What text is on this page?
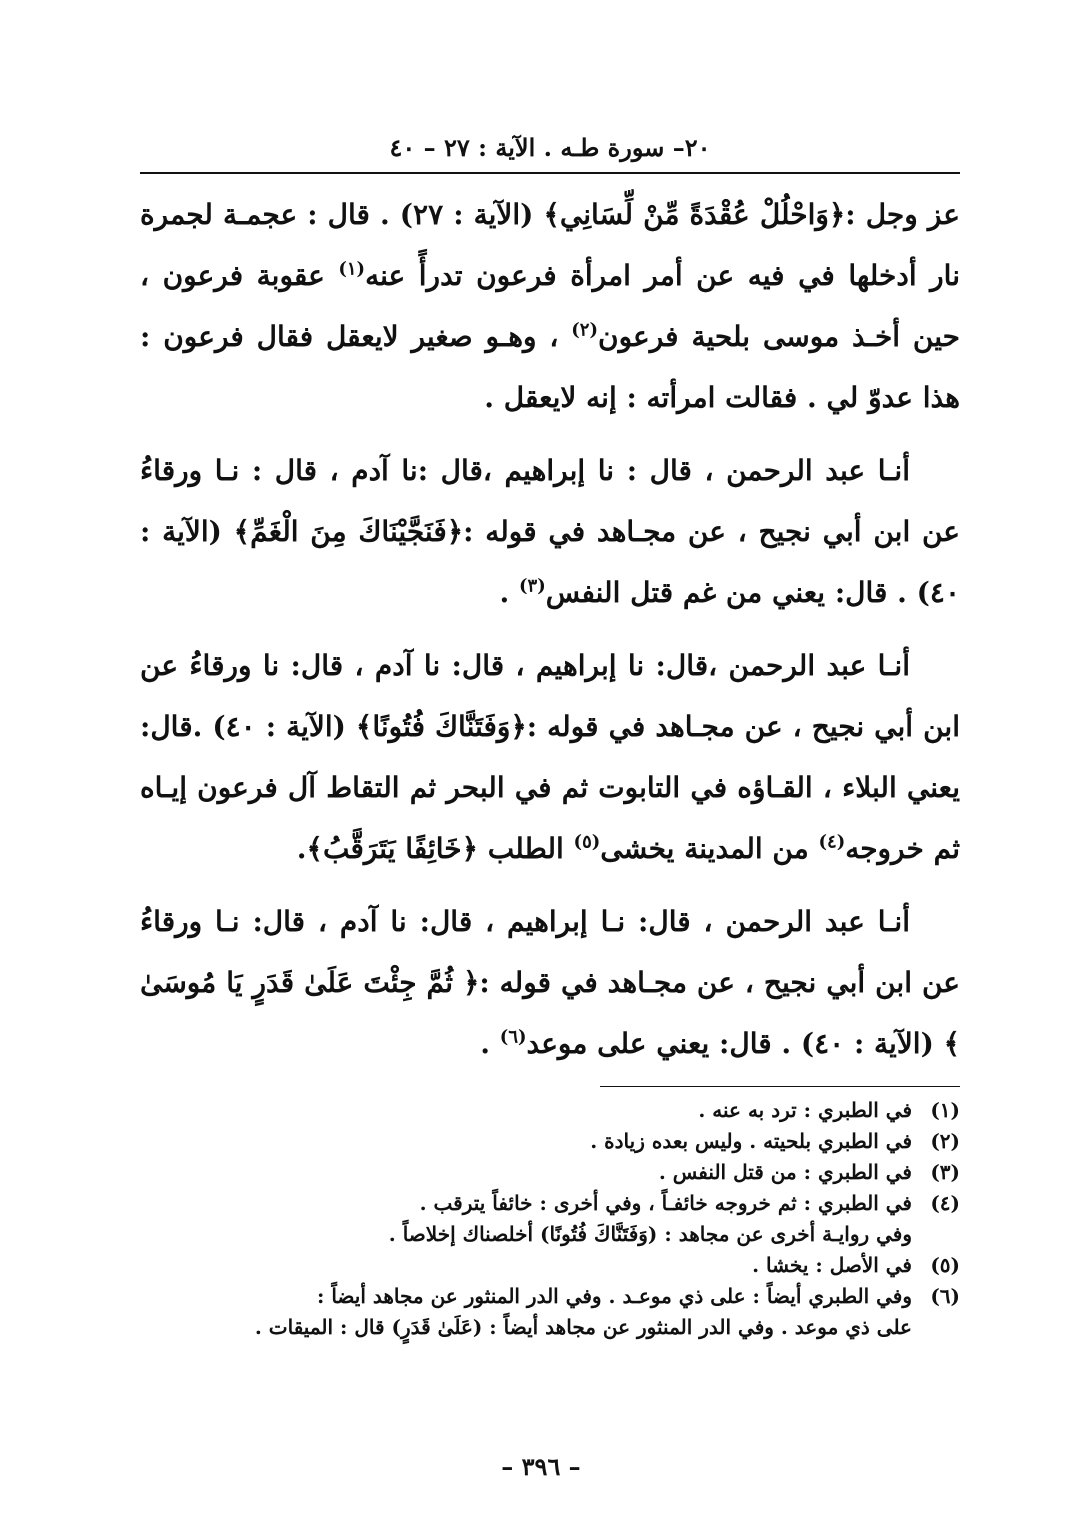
٢٠– سورة طـه . الآية : ٢٧ – ٤٠

عز وجل :﴿وَاحْلُلْ عُقْدَةً مِّنْ لِّسَانِي﴾ (الآية : ٢٧) . قال : عجمـة لجمرة نار أدخلها في فيه عن أمر امرأة فرعون تدرأً عنه$^{(١)}$ عقوبة فرعون ، حين أخـذ موسى بلحية فرعون$^{(٢)}$ ، وهـو صغير لايعقل فقال فرعون : هذا عدوّ لي . فقالت امرأته : إنه لايعقل .

أنـا عبد الرحمن ، قال : نا إبراهيم ،قال :نا آدم ، قال : نـا ورقاءُ عن ابن أبي نجيح ، عن مجـاهد في قوله :﴿فَنَجَّيْنَاكَ مِنَ الْغَمِّ﴾ (الآية : ٤٠) . قال: يعني من غم قتل النفس$^{(٣)}$ .

أنـا عبد الرحمن ،قال: نا إبراهيم ، قال: نا آدم ، قال: نا ورقاءُ عن ابن أبي نجيح ، عن مجـاهد في قوله :﴿وَفَتَنَّاكَ فُتُونًا﴾ (الآية : ٤٠) .قال: يعني البلاء ، القـاؤه في التابوت ثم في البحر ثم التقاط آل فرعون إيـاه ثم خروجه$^{(٤)}$ من المدينة يخشى$^{(٥)}$ الطلب ﴿خَائِفًا يَتَرَقَّبُ﴾.

أنـا عبد الرحمن ، قال: نـا إبراهيم ، قال: نا آدم ، قال: نـا ورقاءُ عن ابن أبي نجيح ، عن مجـاهد في قوله :﴿ ثُمَّ جِئْتَ عَلَىٰ قَدَرٍ يَا مُوسَىٰ ﴾ (الآية : ٤٠) . قال: يعني على موعد$^{(٦)}$ .

(١)
في الطبري : ترد به عنه .
(٢)
في الطبري بلحيته . وليس بعده زيادة .
(٣)
في الطبري : من قتل النفس .
(٤)
في الطبري : ثم خروجه خائفـاً ، وفي أخرى : خائفاً يترقب .
وفي روايـة أخرى عن مجاهد : (وَفَتَنَّاكَ فُتُونًا) أخلصناك إخلاصاً .
(٥)
في الأصل : يخشا .
(٦)
وفي الطبري أيضاً : على ذي موعـد . وفي الدر المنثور عن مجاهد أيضاً :
على ذي موعد . وفي الدر المنثور عن مجاهد أيضاً : (عَلَىٰ قَدَرٍ) قال : الميقات .
– ٣٩٦ –
